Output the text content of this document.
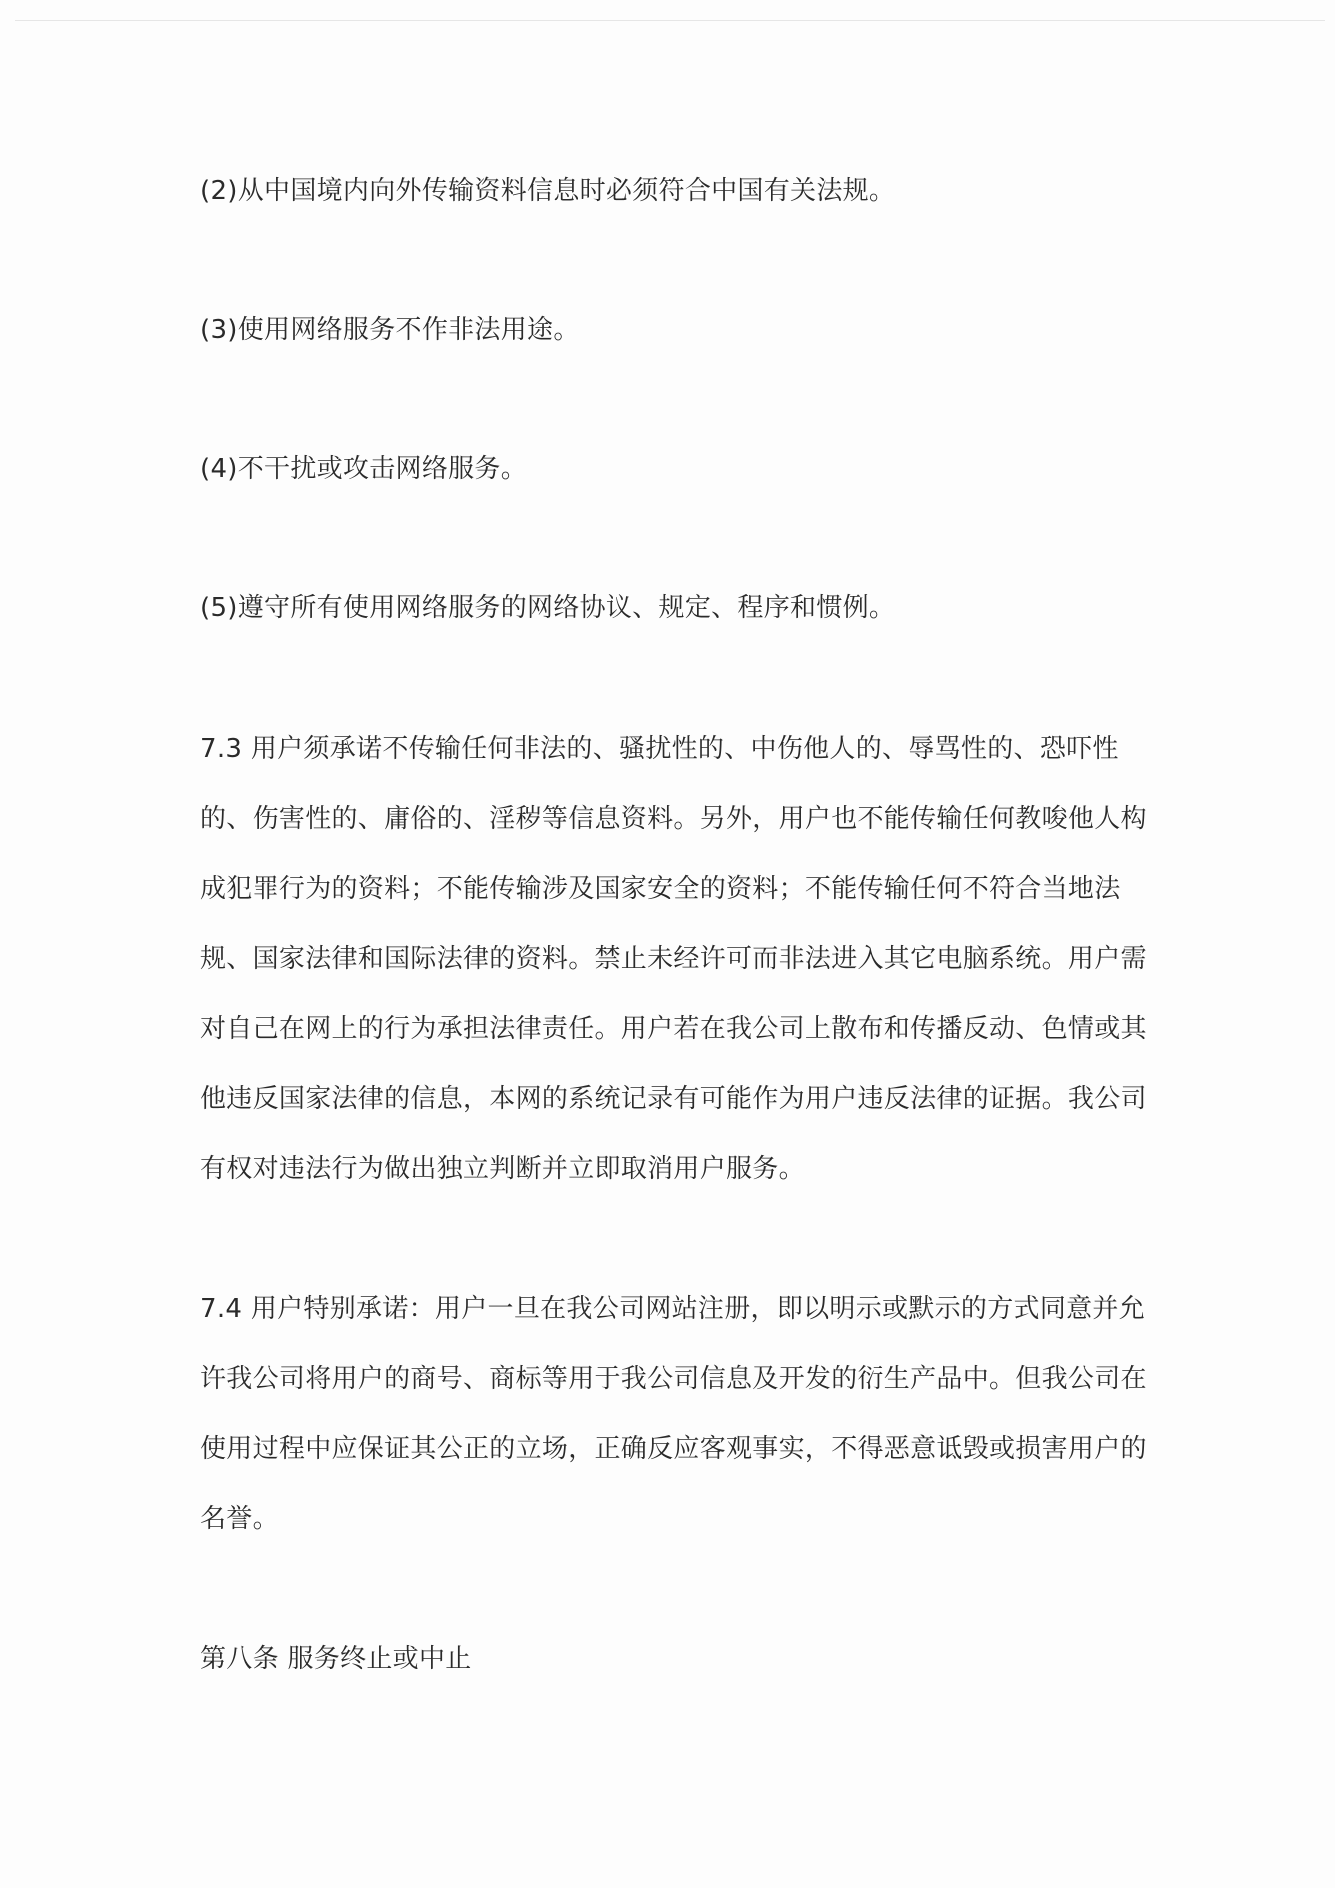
(2)从中国境内向外传输资料信息时必须符合中国有关法规。
(3)使用网络服务不作非法用途。
(4)不干扰或攻击网络服务。
(5)遵守所有使用网络服务的网络协议、规定、程序和惯例。
7.3 用户须承诺不传输任何非法的、骚扰性的、中伤他人的、辱骂性的、恐吓性
的、伤害性的、庸俗的、淫秽等信息资料。另外，用户也不能传输任何教唆他人构
成犯罪行为的资料；不能传输涉及国家安全的资料；不能传输任何不符合当地法
规、国家法律和国际法律的资料。禁止未经许可而非法进入其它电脑系统。用户需
对自己在网上的行为承担法律责任。用户若在我公司上散布和传播反动、色情或其
他违反国家法律的信息，本网的系统记录有可能作为用户违反法律的证据。我公司
有权对违法行为做出独立判断并立即取消用户服务。
7.4 用户特别承诺：用户一旦在我公司网站注册，即以明示或默示的方式同意并允
许我公司将用户的商号、商标等用于我公司信息及开发的衍生产品中。但我公司在
使用过程中应保证其公正的立场，正确反应客观事实，不得恶意诋毁或损害用户的
名誉。
第八条 服务终止或中止
